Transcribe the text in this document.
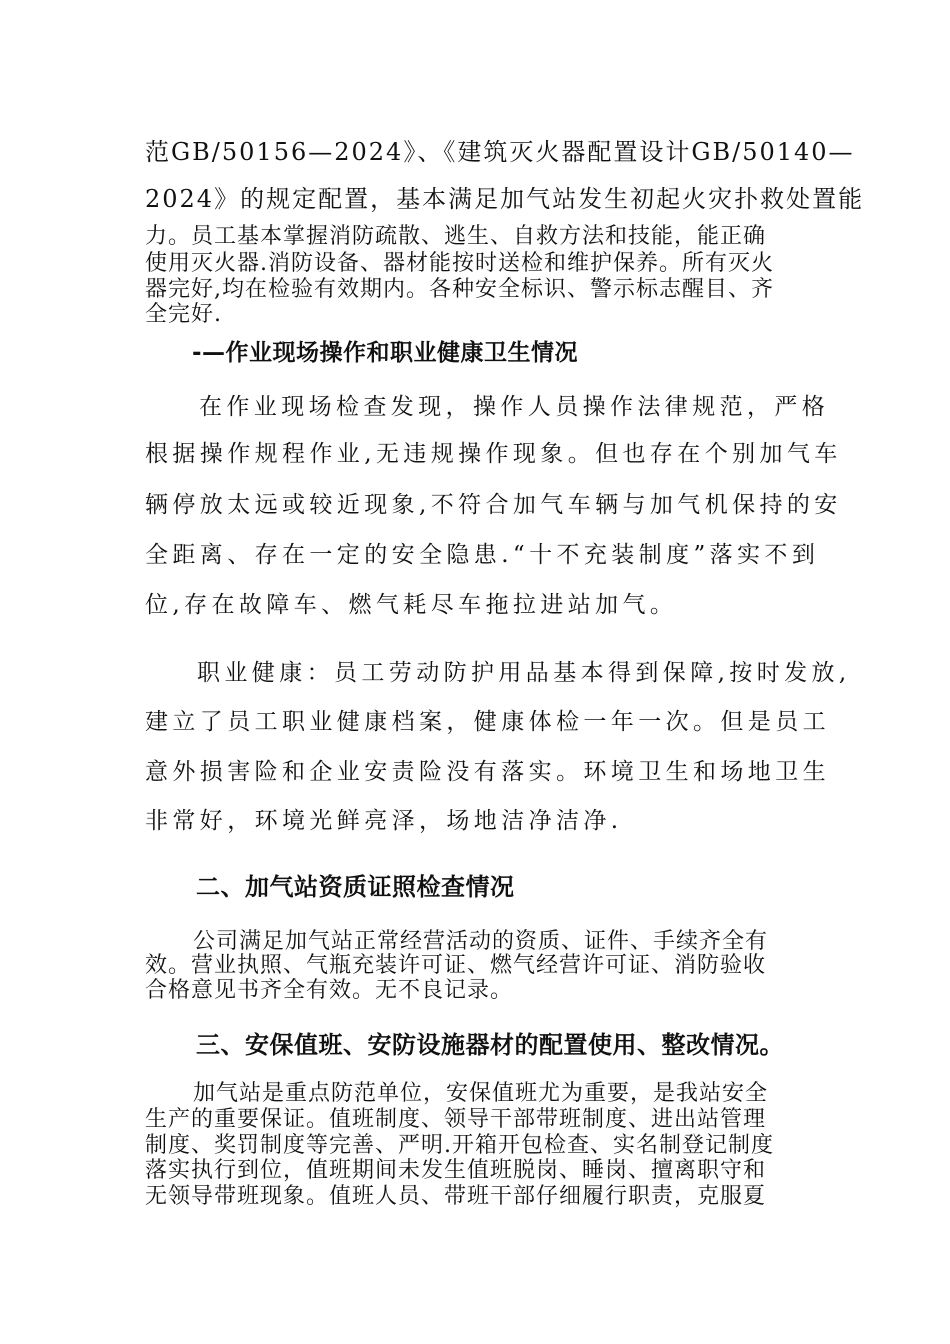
范GB/50156—2024》、《建筑灭火器配置设计GB/50140—
2024》的规定配置，基本满足加气站发生初起火灾扑救处置能
力。员工基本掌握消防疏散、逃生、自救方法和技能，能正确
使用灭火器.消防设备、器材能按时送检和维护保养。所有灭火
器完好,均在检验有效期内。各种安全标识、警示标志醒目、齐
全完好.
-—作业现场操作和职业健康卫生情况
在作业现场检查发现，操作人员操作法律规范，严格
根据操作规程作业,无违规操作现象。但也存在个别加气车
辆停放太远或较近现象,不符合加气车辆与加气机保持的安
全距离、存在一定的安全隐患.“十不充装制度”落实不到
位,存在故障车、燃气耗尽车拖拉进站加气。
职业健康：员工劳动防护用品基本得到保障,按时发放,
建立了员工职业健康档案，健康体检一年一次。但是员工
意外损害险和企业安责险没有落实。环境卫生和场地卫生
非常好，环境光鲜亮泽，场地洁净洁净.
二、加气站资质证照检查情况
公司满足加气站正常经营活动的资质、证件、手续齐全有
效。营业执照、气瓶充装许可证、燃气经营许可证、消防验收
合格意见书齐全有效。无不良记录。
三、安保值班、安防设施器材的配置使用、整改情况。
加气站是重点防范单位，安保值班尤为重要，是我站安全
生产的重要保证。值班制度、领导干部带班制度、进出站管理
制度、奖罚制度等完善、严明.开箱开包检查、实名制登记制度
落实执行到位，值班期间未发生值班脱岗、睡岗、擅离职守和
无领导带班现象。值班人员、带班干部仔细履行职责，克服夏
